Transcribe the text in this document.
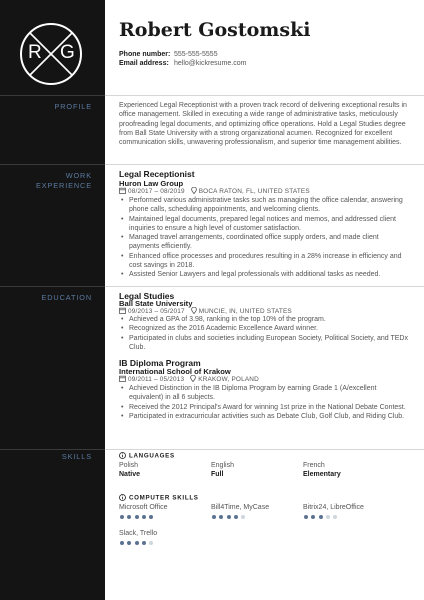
R G
Robert Gostomski
Phone number: 555-555-5555
Email address: hello@kickresume.com
PROFILE	Experienced Legal Receptionist with a proven track record of delivering exceptional results in office management. Skilled in executing a wide range of administrative tasks, meticulously proofreading legal documents, and optimizing office operations. Hold a Legal Studies degree from Ball State University with a strong organizational acumen. Recognized for excellent communication skills, unwavering professionalism, and superior time management abilities.
WORK
EXPERIENCE
Legal Receptionist
Huron Law Group
08/2017 – 08/2019 BOCA RATON, FL, UNITED STATES
• Performed various administrative tasks such as managing the office calendar, answering phone calls, scheduling appointments, and welcoming clients.
• Maintained legal documents, prepared legal notices and memos, and addressed client inquiries to ensure a high level of customer satisfaction.
• Managed travel arrangements, coordinated office supply orders, and made client payments efficiently.
• Enhanced office processes and procedures resulting in a 28% increase in efficiency and cost savings in 2018.
• Assisted Senior Lawyers and legal professionals with additional tasks as needed.
EDUCATION	Legal Studies
Ball State University
09/2013 – 05/2017 MUNCIE, IN, UNITED STATES
• Achieved a GPA of 3.98, ranking in the top 10% of the program.
• Recognized as the 2016 Academic Excellence Award winner.
• Participated in clubs and societies including European Society, Political Society, and TEDx Club.
IB Diploma Program
International School of Krakow
09/2011 – 05/2013 KRAKOW, POLAND
• Achieved Distinction in the IB Diploma Program by earning Grade 1 (A/excellent equivalent) in all 6 subjects.
• Received the 2012 Principal's Award for winning 1st prize in the National Debate Contest.
• Participated in extracurricular activities such as Debate Club, Golf Club, and Riding Club.
SKILLS	LANGUAGES
Polish
Native
English
Full
French
Elementary
COMPUTER SKILLS
Microsoft Office	Bill4Time, MyCase	Bitrix24, LibreOffice
Slack, Trello
